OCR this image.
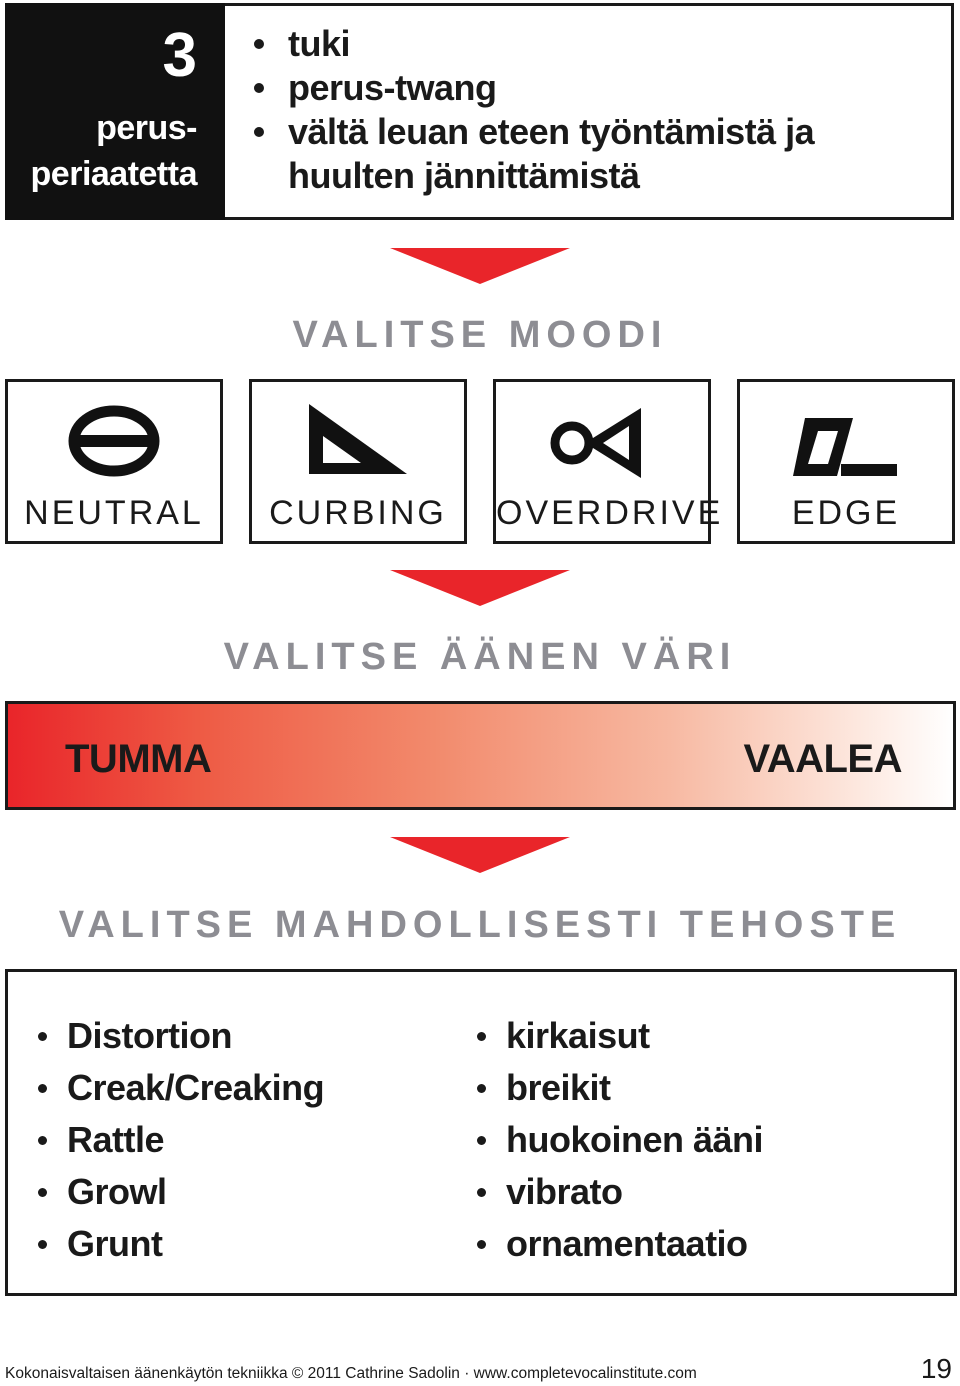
3
perus-
periaatetta
tuki
perus-twang
vältä leuan eteen työntämistä ja
huulten jännittämistä
VALITSE MOODI
NEUTRAL	CURBING	OVERDRIVE	EDGE
VALITSE ÄÄNEN VÄRI
TUMMA	VAALEA
VALITSE MAHDOLLISESTI TEHOSTE
Distortion
Creak/Creaking
Rattle
Growl
Grunt
kirkaisut
breikit
huokoinen ääni
vibrato
ornamentaatio
Kokonaisvaltaisen äänenkäytön tekniikka © 2011 Cathrine Sadolin · www.completevocalinstitute.com	19
